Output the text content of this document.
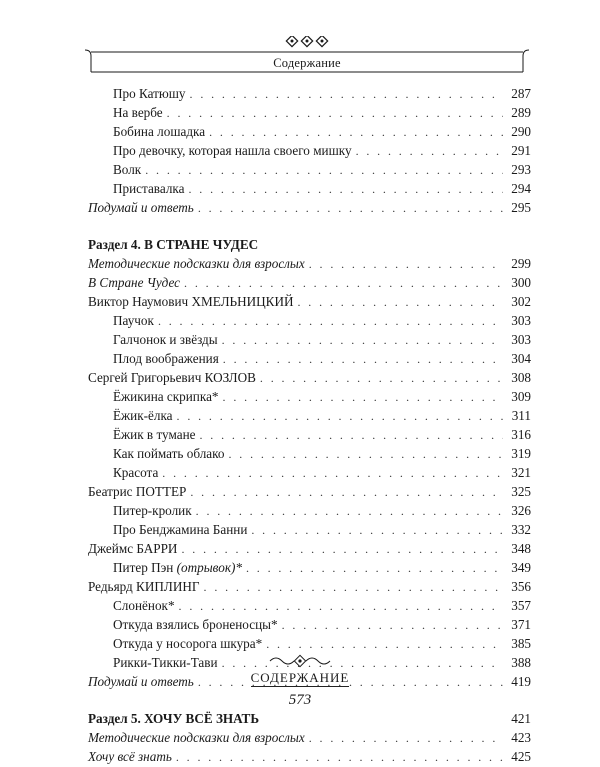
Содержание
Про Катюшу . . .	287
На вербе . . .	289
Бобина лошадка . . .	290
Про девочку, которая нашла своего мишку . . .	291
Волк . . .	293
Приставалка . . .	294
Подумай и ответь . . .	295
Раздел 4. В СТРАНЕ ЧУДЕС
Методические подсказки для взрослых . . .	299
В Стране Чудес . . .	300
Виктор Наумович ХМЕЛЬНИЦКИЙ . . .	302
Паучок . . .	303
Галчонок и звёзды . . .	303
Плод воображения . . .	304
Сергей Григорьевич КОЗЛОВ . . .	308
Ёжикина скрипка* . . .	309
Ёжик-ёлка . . .	311
Ёжик в тумане . . .	316
Как поймать облако . . .	319
Красота . . .	321
Беатрис ПОТТЕР . . .	325
Питер-кролик . . .	326
Про Бенджамина Банни . . .	332
Джеймс БАРРИ . . .	348
Питер Пэн (отрывок)* . . .	349
Редьярд КИПЛИНГ . . .	356
Слонёнок* . . .	357
Откуда взялись броненосцы* . . .	371
Откуда у носорога шкура* . . .	385
Рикки-Тикки-Тави . . .	388
Подумай и ответь . . .	419
Раздел 5. ХОЧУ ВСЁ ЗНАТЬ	421
Методические подсказки для взрослых . . .	423
Хочу всё знать . . .	425
СОДЕРЖАНИЕ
573
